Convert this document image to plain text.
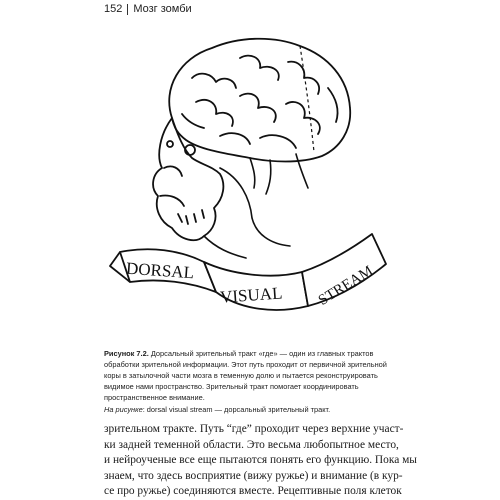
152 Мозг зомби
DORSAL
VISUAL STREAM

Рисунок 7.2. Дорсальный зрительный тракт «где» — один из главных трактов обработки зрительной информации. Этот путь проходит от первичной зрительной коры в затылочной части мозга в теменную долю и пытается реконструировать видимое нами пространство. Зрительный тракт помогает координировать пространственное внимание.

На рисунке: dorsal visual stream — дорсальный зрительный тракт.

зрительном тракте. Путь “где” проходит через верхние участ-
ки задней теменной области. Это весьма любопытное место,
и нейроученые все еще пытаются понять его функцию. Пока мы
знаем, что здесь восприятие (вижу ружье) и внимание (в кур-
се про ружье) соединяются вместе. Рецептивные поля клеток
